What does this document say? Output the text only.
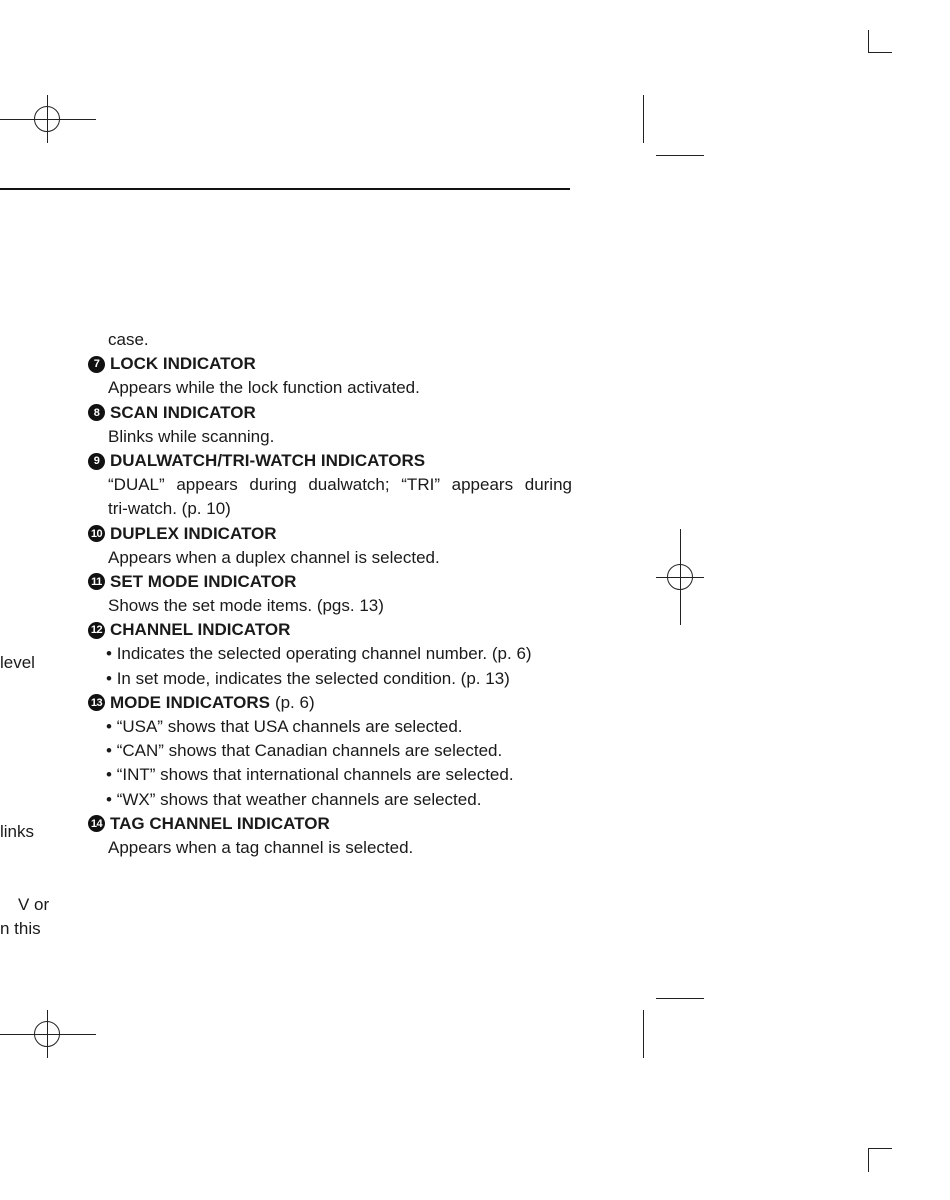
level
links
V or
n this
case.
7 LOCK INDICATOR
Appears while the lock function activated.
8 SCAN INDICATOR
Blinks while scanning.
9 DUALWATCH/TRI-WATCH INDICATORS
“DUAL” appears during dualwatch; “TRI” appears during
tri-watch. (p. 10)
10 DUPLEX INDICATOR
Appears when a duplex channel is selected.
11 SET MODE INDICATOR
Shows the set mode items. (pgs. 13)
12 CHANNEL INDICATOR
• Indicates the selected operating channel number. (p. 6)
• In set mode, indicates the selected condition. (p. 13)
13 MODE INDICATORS (p. 6)
• “USA” shows that USA channels are selected.
• “CAN” shows that Canadian channels are selected.
• “INT” shows that international channels are selected.
• “WX” shows that weather channels are selected.
14 TAG CHANNEL INDICATOR
Appears when a tag channel is selected.
